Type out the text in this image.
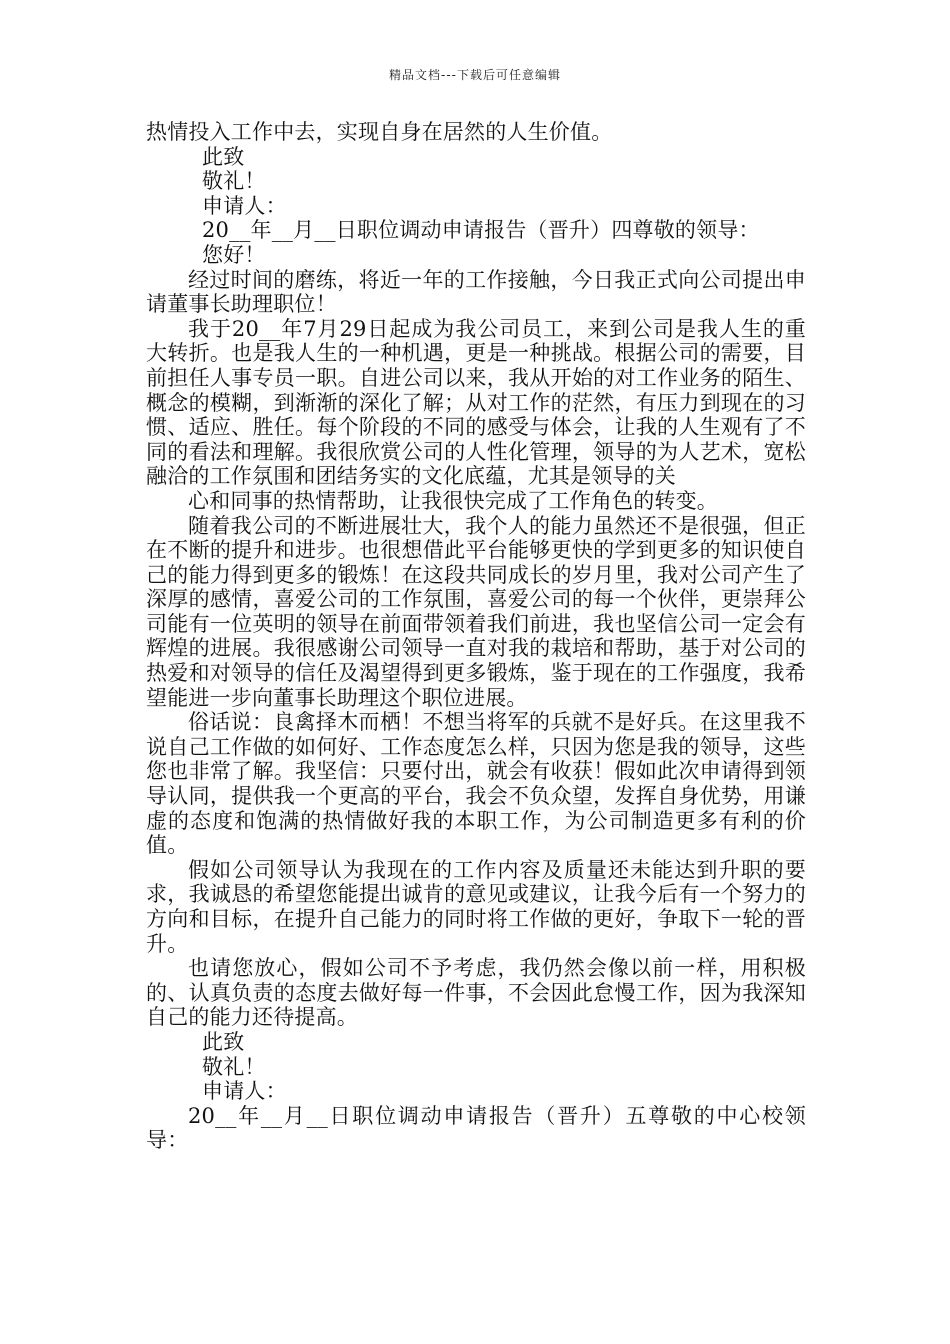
精品文档---下载后可任意编辑
热情投入工作中去，实现自身在居然的人生价值。
此致
敬礼！
申请人：
20__年__月__日职位调动申请报告（晋升）四尊敬的领导：
您好！
经过时间的磨练，将近一年的工作接触，今日我正式向公司提出申请董事长助理职位！
我于20__年7月29日起成为我公司员工，来到公司是我人生的重大转折。也是我人生的一种机遇，更是一种挑战。根据公司的需要，目前担任人事专员一职。自进公司以来，我从开始的对工作业务的陌生、概念的模糊，到渐渐的深化了解；从对工作的茫然，有压力到现在的习惯、适应、胜任。每个阶段的不同的感受与体会，让我的人生观有了不同的看法和理解。我很欣赏公司的人性化管理，领导的为人艺术，宽松融洽的工作氛围和团结务实的文化底蕴，尤其是领导的关
心和同事的热情帮助，让我很快完成了工作角色的转变。
随着我公司的不断进展壮大，我个人的能力虽然还不是很强，但正在不断的提升和进步。也很想借此平台能够更快的学到更多的知识使自己的能力得到更多的锻炼！在这段共同成长的岁月里，我对公司产生了深厚的感情，喜爱公司的工作氛围，喜爱公司的每一个伙伴，更崇拜公司能有一位英明的领导在前面带领着我们前进，我也坚信公司一定会有辉煌的进展。我很感谢公司领导一直对我的栽培和帮助，基于对公司的热爱和对领导的信任及渴望得到更多锻炼，鉴于现在的工作强度，我希望能进一步向董事长助理这个职位进展。
俗话说：良禽择木而栖！不想当将军的兵就不是好兵。在这里我不说自己工作做的如何好、工作态度怎么样，只因为您是我的领导，这些您也非常了解。我坚信：只要付出，就会有收获！假如此次申请得到领导认同，提供我一个更高的平台，我会不负众望，发挥自身优势，用谦虚的态度和饱满的热情做好我的本职工作，为公司制造更多有利的价值。
假如公司领导认为我现在的工作内容及质量还未能达到升职的要求，我诚恳的希望您能提出诚肯的意见或建议，让我今后有一个努力的方向和目标，在提升自己能力的同时将工作做的更好，争取下一轮的晋升。
也请您放心，假如公司不予考虑，我仍然会像以前一样，用积极的、认真负责的态度去做好每一件事，不会因此怠慢工作，因为我深知自己的能力还待提高。
此致
敬礼！
申请人：
20__年__月__日职位调动申请报告（晋升）五尊敬的中心校领导：
